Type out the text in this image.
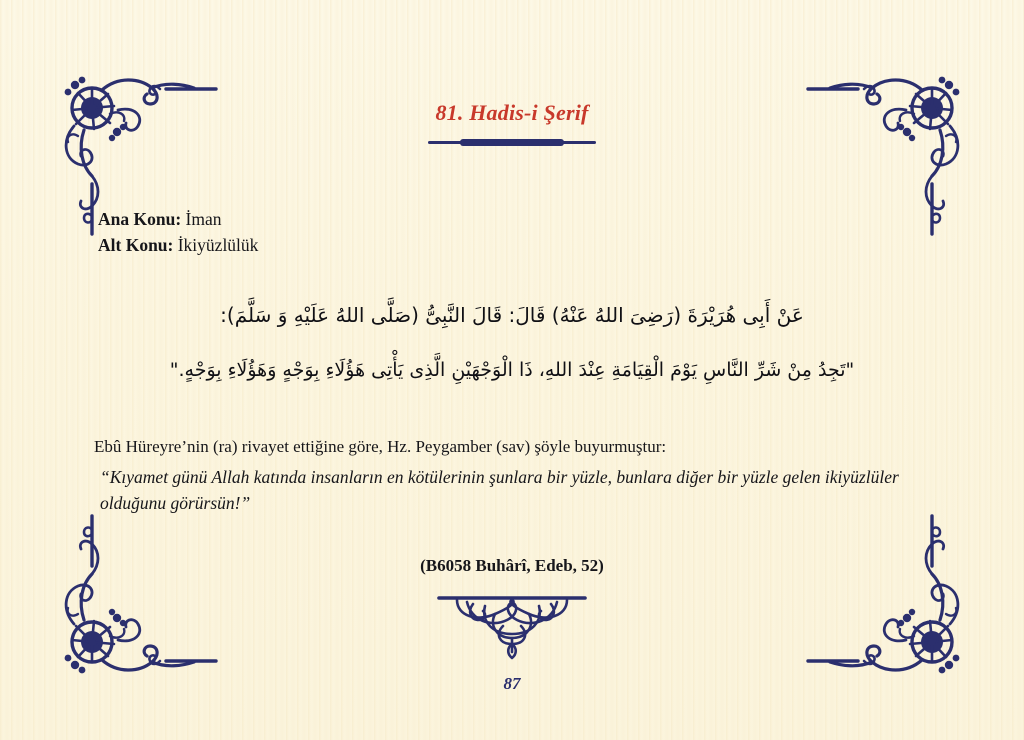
81. Hadis-i Şerif
Ana Konu: İman
Alt Konu: İkiyüzlülük

عَنْ أَبِى هُرَيْرَةَ (رَضِىَ اللهُ عَنْهُ) قَالَ: قَالَ النَّبِىُّ (صَلَّى اللهُ عَلَيْهِ وَ سَلَّمَ):

"تَجِدُ مِنْ شَرِّ النَّاسِ يَوْمَ الْقِيَامَةِ عِنْدَ اللهِ، ذَا الْوَجْهَيْنِ الَّذِى يَأْتِى هَؤُلَاءِ بِوَجْهٍ وَهَؤُلَاءِ بِوَجْهٍ."

Ebû Hüreyre’nin (ra) rivayet ettiğine göre, Hz. Peygamber (sav) şöyle buyurmuştur:

“Kıyamet günü Allah katında insanların en kötülerinin şunlara bir yüzle, bunlara diğer bir yüzle gelen ikiyüzlüler olduğunu görürsün!”

(B6058 Buhârî, Edeb, 52)
87
